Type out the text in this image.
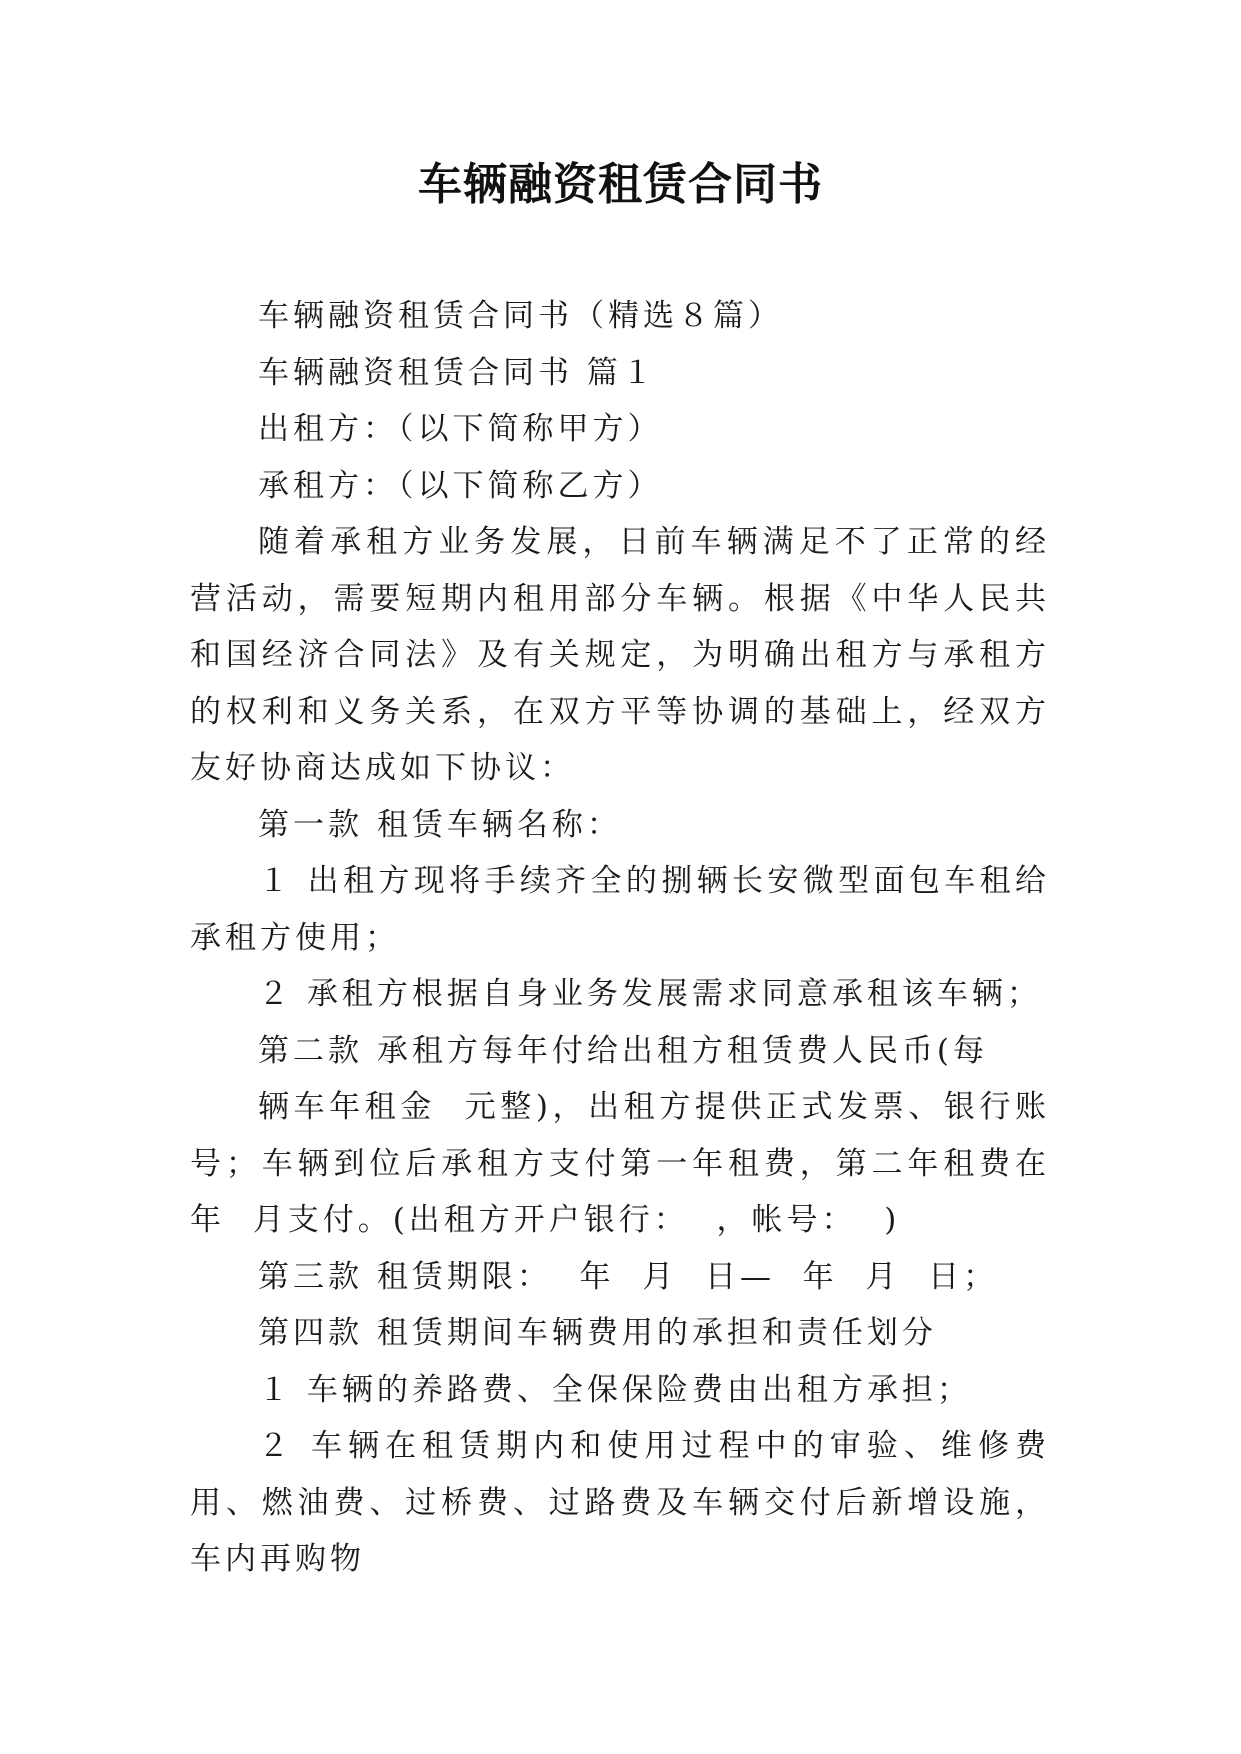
车辆融资租赁合同书

车辆融资租赁合同书（精选８篇）

车辆融资租赁合同书 篇１

出租方：（以下简称甲方）

承租方：（以下简称乙方）

随着承租方业务发展，日前车辆满足不了正常的经营活动，需要短期内租用部分车辆。根据《中华人民共和国经济合同法》及有关规定，为明确出租方与承租方的权利和义务关系，在双方平等协调的基础上，经双方友好协商达成如下协议：

第一款 租赁车辆名称：

１ 出租方现将手续齐全的捌辆长安微型面包车租给承租方使用；

２ 承租方根据自身业务发展需求同意承租该车辆；

第二款 承租方每年付给出租方租赁费人民币(每

辆车年租金  元整)，出租方提供正式发票、银行账号；车辆到位后承租方支付第一年租费，第二年租费在  年  月支付。(出租方开户银行：  ，帐号：  )

第三款 租赁期限：  年  月  日—  年  月  日；

第四款 租赁期间车辆费用的承担和责任划分

１ 车辆的养路费、全保保险费由出租方承担；

２ 车辆在租赁期内和使用过程中的审验、维修费用、燃油费、过桥费、过路费及车辆交付后新增设施，车内再购物
